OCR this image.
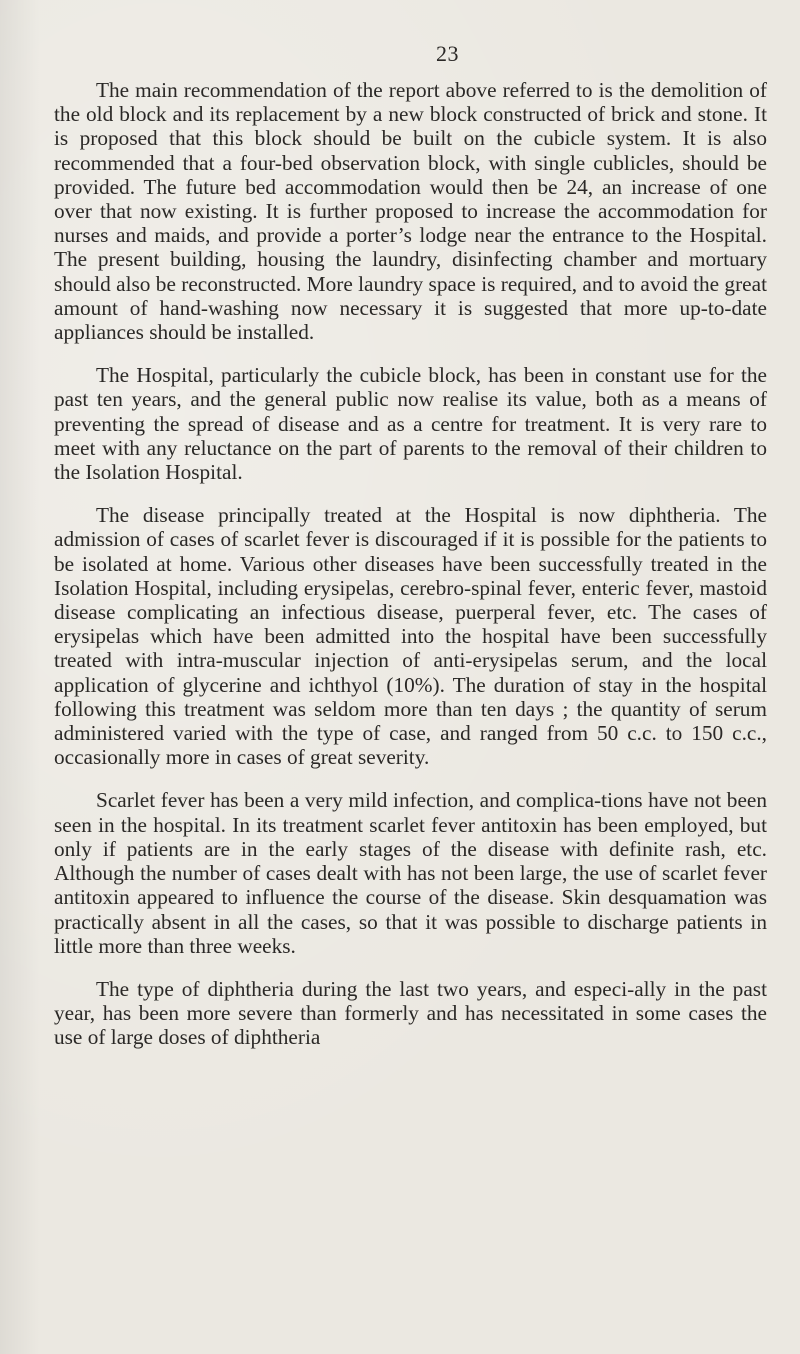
23

The main recommendation of the report above referred to is the demolition of the old block and its replacement by a new block constructed of brick and stone. It is proposed that this block should be built on the cubicle system. It is also recommended that a four-bed observation block, with single cublicles, should be provided. The future bed accommodation would then be 24, an increase of one over that now existing. It is further proposed to increase the accommodation for nurses and maids, and provide a porter’s lodge near the entrance to the Hospital. The present building, housing the laundry, disinfecting chamber and mortuary should also be reconstructed. More laundry space is required, and to avoid the great amount of hand-washing now necessary it is suggested that more up-to-date appliances should be installed.

The Hospital, particularly the cubicle block, has been in constant use for the past ten years, and the general public now realise its value, both as a means of preventing the spread of disease and as a centre for treatment. It is very rare to meet with any reluctance on the part of parents to the removal of their children to the Isolation Hospital.

The disease principally treated at the Hospital is now diphtheria. The admission of cases of scarlet fever is discouraged if it is possible for the patients to be isolated at home. Various other diseases have been successfully treated in the Isolation Hospital, including erysipelas, cerebro-spinal fever, enteric fever, mastoid disease complicating an infectious disease, puerperal fever, etc. The cases of erysipelas which have been admitted into the hospital have been successfully treated with intra-muscular injection of anti-erysipelas serum, and the local application of glycerine and ichthyol (10%). The duration of stay in the hospital following this treatment was seldom more than ten days ; the quantity of serum administered varied with the type of case, and ranged from 50 c.c. to 150 c.c., occasionally more in cases of great severity.

Scarlet fever has been a very mild infection, and complica-tions have not been seen in the hospital. In its treatment scarlet fever antitoxin has been employed, but only if patients are in the early stages of the disease with definite rash, etc. Although the number of cases dealt with has not been large, the use of scarlet fever antitoxin appeared to influence the course of the disease. Skin desquamation was practically absent in all the cases, so that it was possible to discharge patients in little more than three weeks.

The type of diphtheria during the last two years, and especi-ally in the past year, has been more severe than formerly and has necessitated in some cases the use of large doses of diphtheria
